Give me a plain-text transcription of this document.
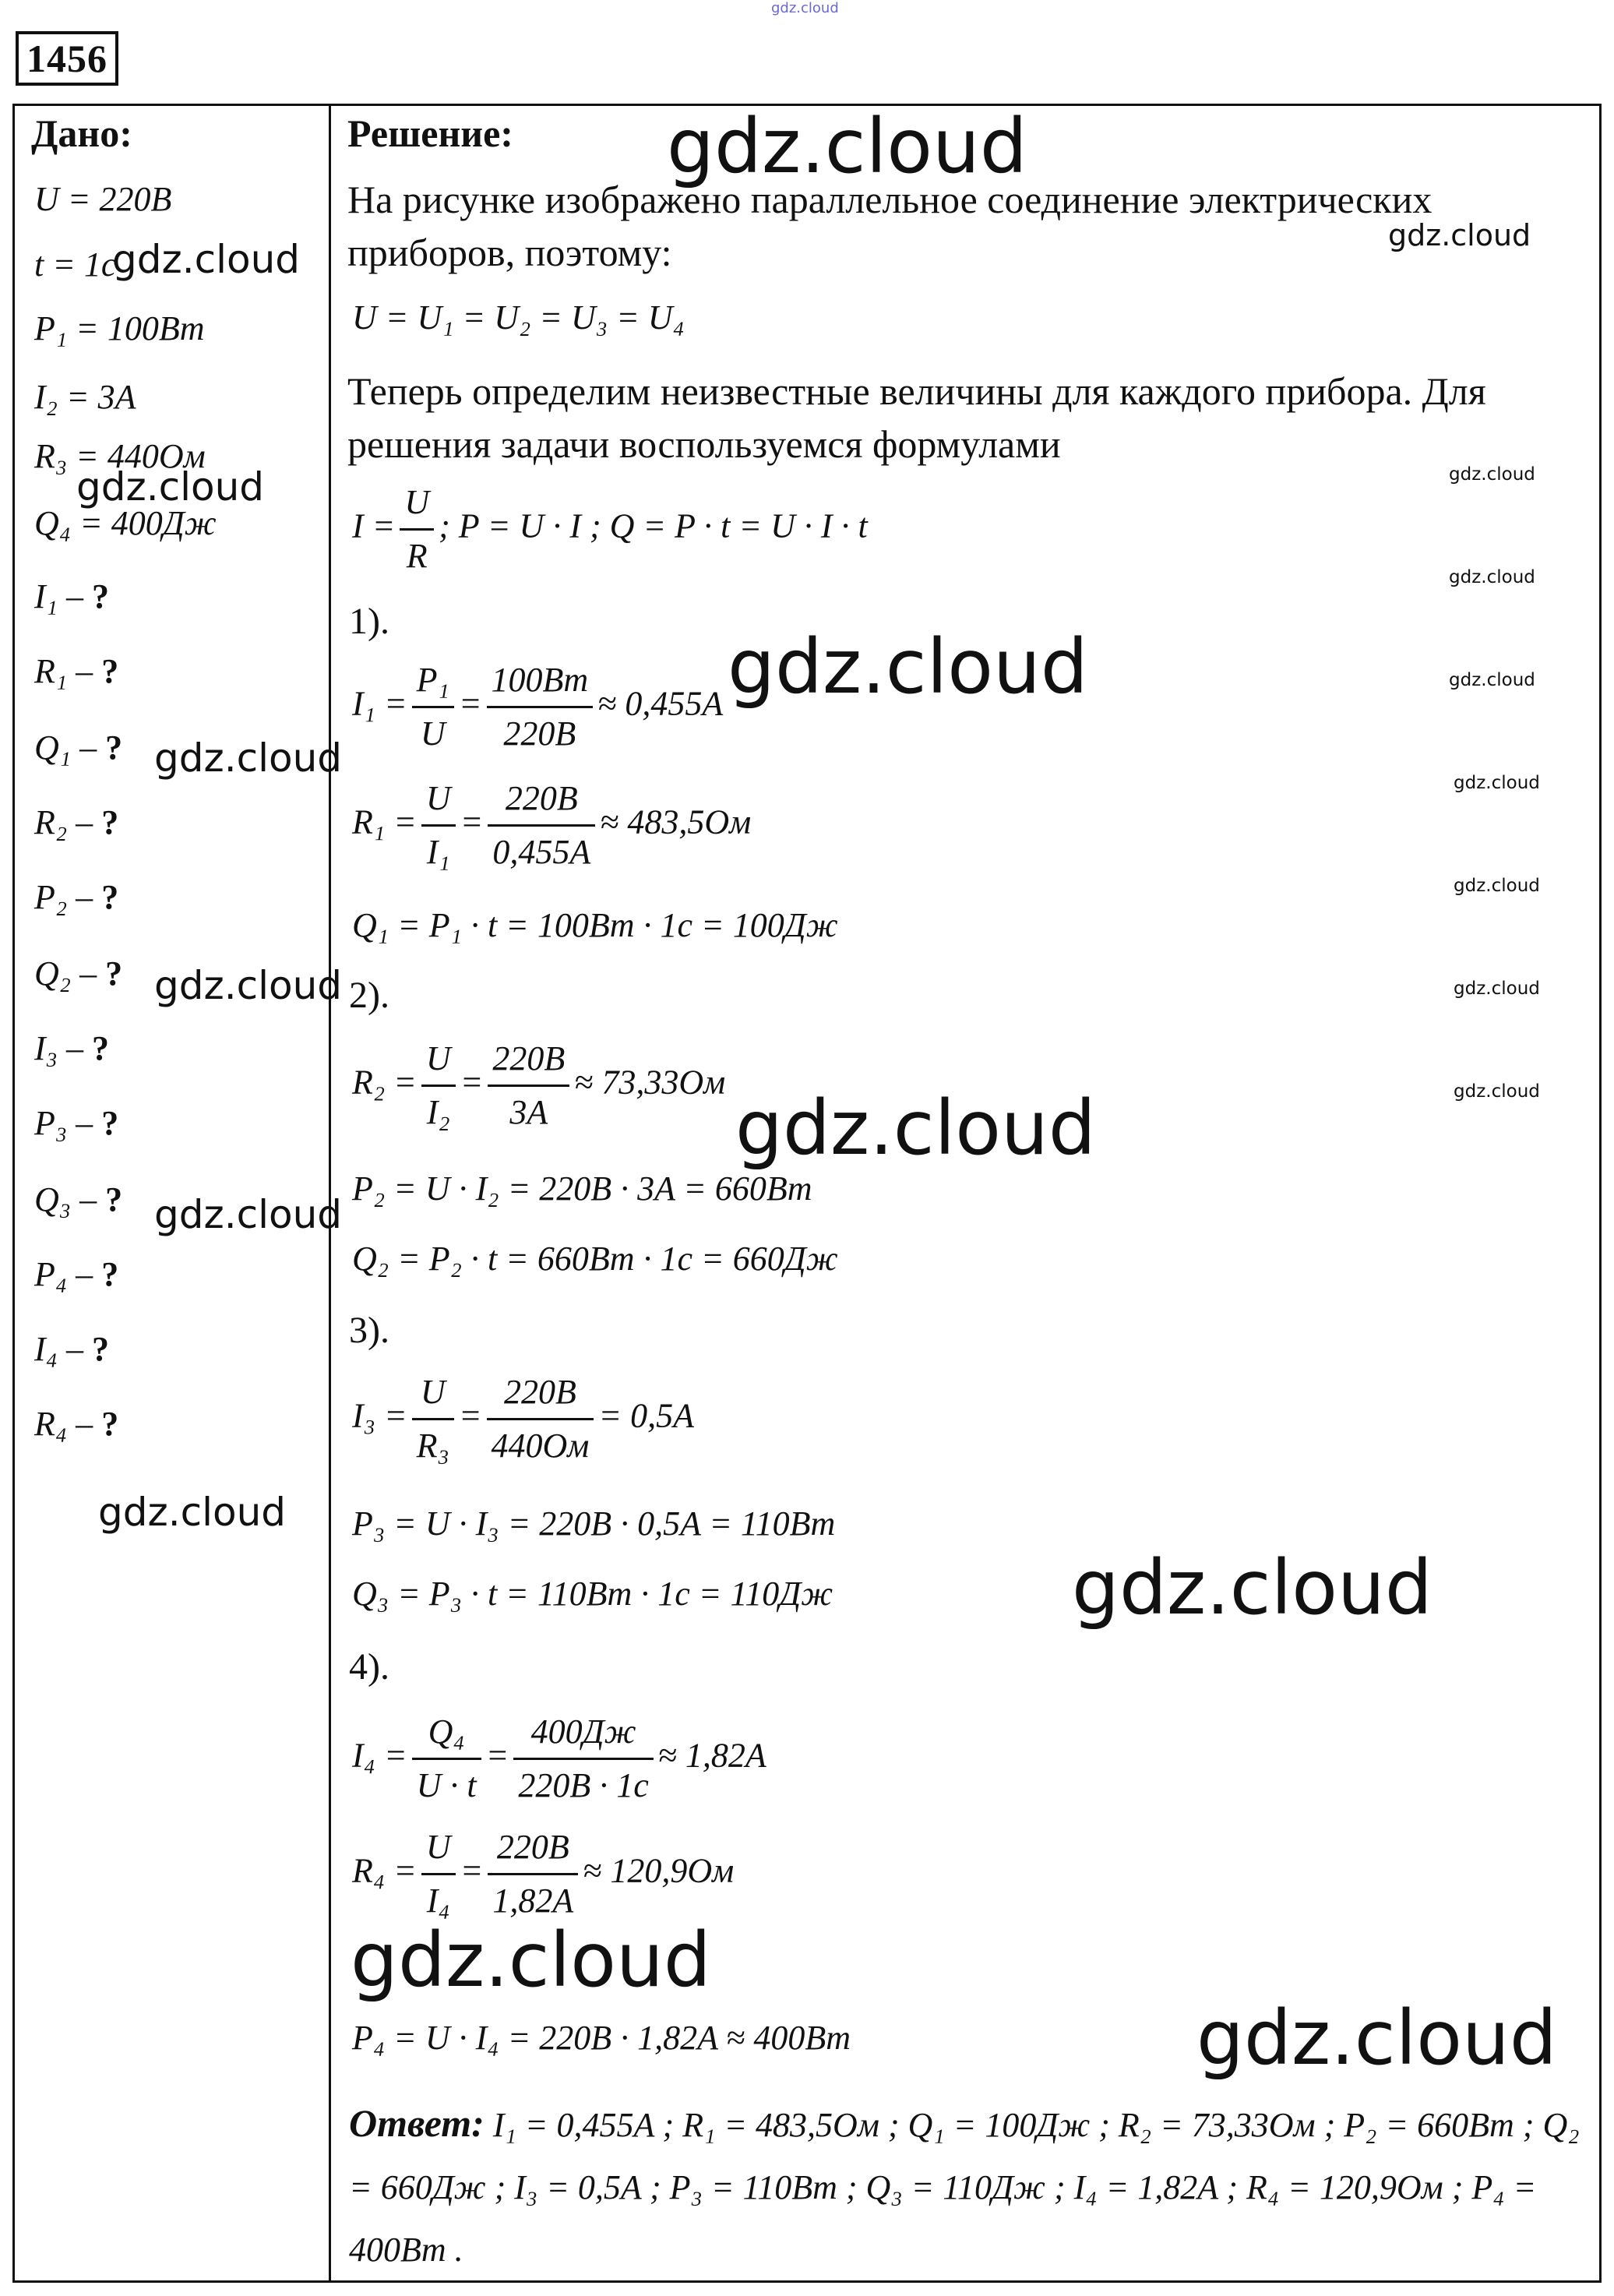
gdz.cloud
1456
Дано:
U = 220B
t = 1c
P₁ = 100Bт
I₂ = 3A
R₃ = 440Ом
Q₄ = 400Дж
I₁ – ?
R₁ – ?
Q₁ – ?
R₂ – ?
P₂ – ?
Q₂ – ?
I₃ – ?
P₃ – ?
Q₃ – ?
P₄ – ?
I₄ – ?
R₄ – ?
Решение:
На рисунке изображено параллельное соединение электрических приборов, поэтому:
U = U₁ = U₂ = U₃ = U₄
Теперь определим неизвестные величины для каждого прибора. Для решения задачи воспользуемся формулами
$I = \frac{U}{R}$ ; P = U · I ; Q = P · t = U · I · t
1).
$I_1 = \frac{\text{P₁}}{U} = \frac{100Bт}{220B} \approx 0,455A$
$R_1 = \frac{U}{\text{I₁}} = \frac{220B}{0,455A} \approx 483,5Ом$
Q₁ = P₁ · t = 100Bт · 1c = 100Дж
2).
$R_2 = \frac{U}{\text{I₂}} = \frac{220B}{3A} \approx 73,33Ом$
P₂ = U · I₂ = 220B · 3A = 660Bт
Q₂ = P₂ · t = 660Bт · 1c = 660Дж
3).
$I_3 = \frac{U}{\text{R₃}} = \frac{220B}{440Ом} = 0,5A$
P₃ = U · I₃ = 220B · 0,5A = 110Bт
Q₃ = P₃ · t = 110Bт · 1c = 110Дж
4).
$I_4 = \frac{\text{Q₄}}{U \cdot t} = \frac{400Дж}{220B \cdot 1c} \approx 1,82A$
$R_4 = \frac{U}{\text{I₄}} = \frac{220B}{1,82A} \approx 120,9Ом$
P₄ = U · I₄ = 220B · 1,82A ≈ 400Bт
Ответ: I₁ = 0,455A ; R₁ = 483,5Ом ; Q₁ = 100Дж ; R₂ = 73,33Ом ; P₂ = 660Bт ; Q₂ = 660Дж ; I₃ = 0,5A ; P₃ = 110Bт ; Q₃ = 110Дж ; I₄ = 1,82A ; R₄ = 120,9Ом ; P₄ = 400Bт .
gdz.cloud
gdz.cloud
gdz.cloud
gdz.cloud	gdz.cloud
gdz.cloud
gdz.cloud	gdz.cloud
gdz.cloud
gdz.cloud
gdz.cloud
gdz.cloud	gdz.cloud
gdz.cloud
gdz.cloud
gdz.cloud
gdz.cloud
gdz.cloud
gdz.cloud
gdz.cloud
